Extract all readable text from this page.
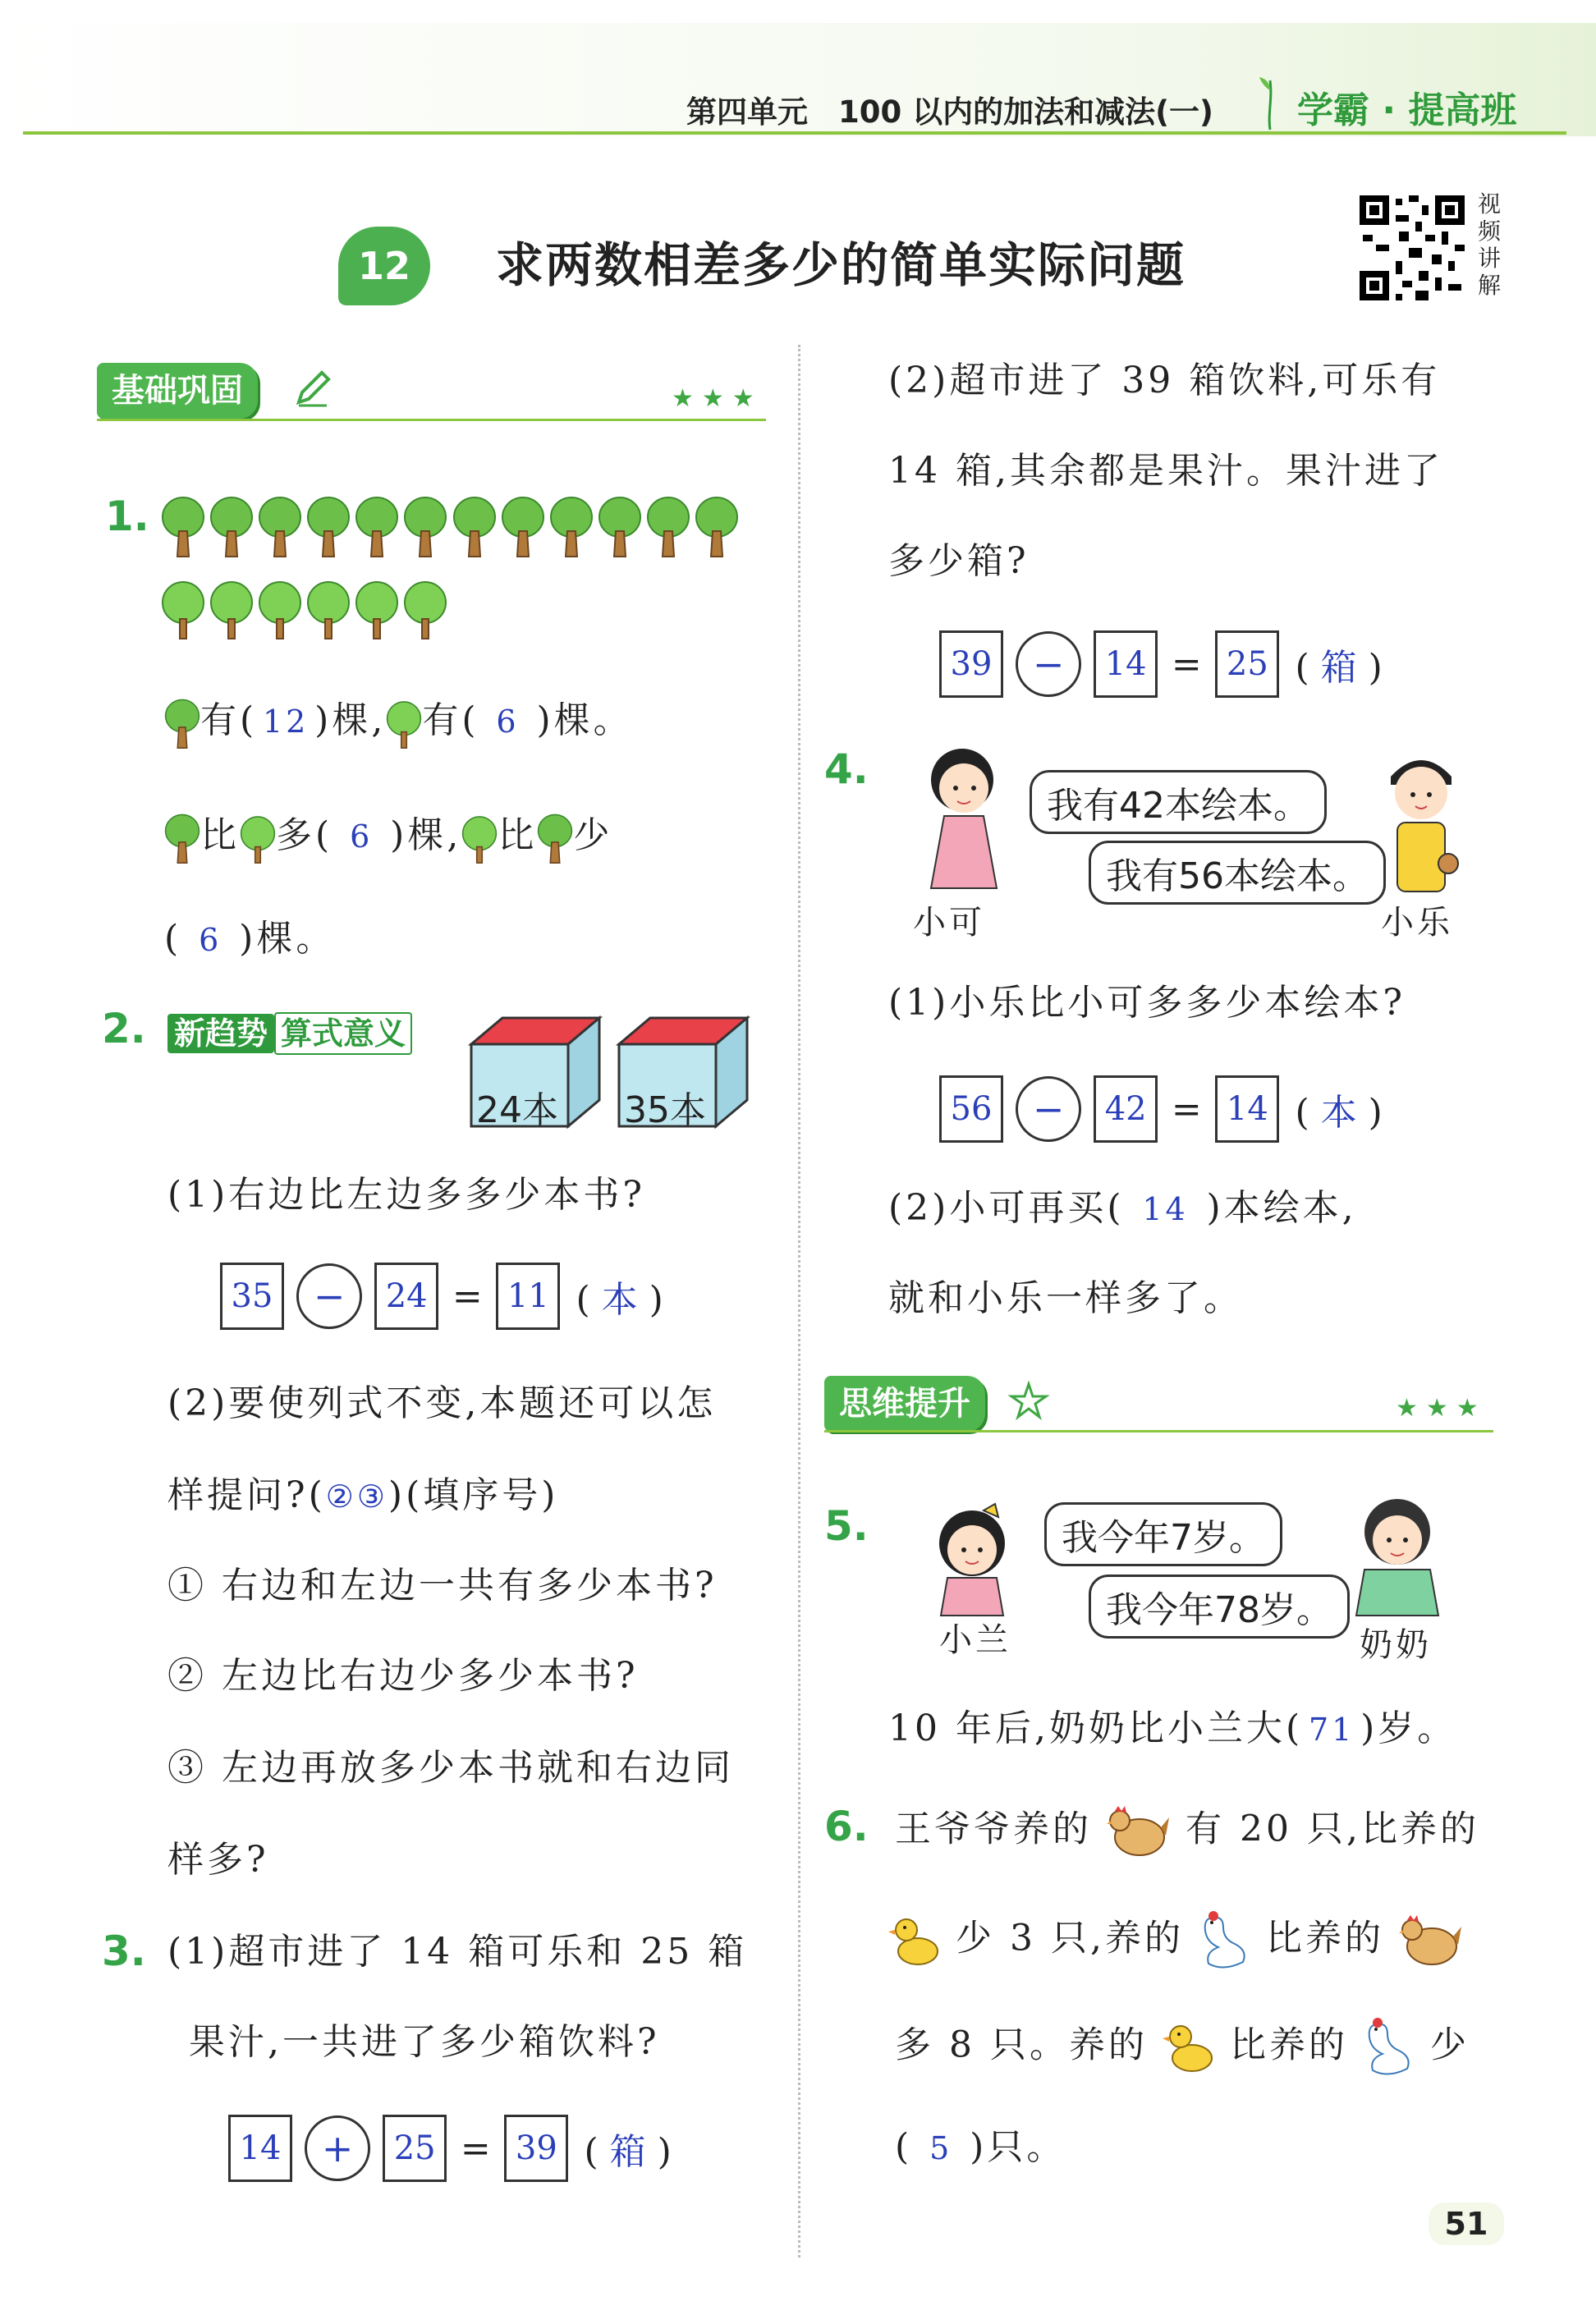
第四单元　100 以内的加法和减法(一) 学霸 · 提高班
12	求两数相差多少的简单实际问题
视频讲解
基础巩固	★★★
1.

有( 12 )棵, 有( 6 )棵。
比 多( 6 )棵, 比 少
( 6 )棵。
2. 新趋势 算式意义
24本 35本
(1)右边比左边多多少本书?
35 − 24 = 11  ( 本 )
(2)要使列式不变,本题还可以怎
样提问?(②③)(填序号)
① 右边和左边一共有多少本书?
② 左边比右边少多少本书?
③ 左边再放多少本书就和右边同
样多?
3. (1)超市进了 14 箱可乐和 25 箱
果汁,一共进了多少箱饮料?
14 + 25 = 39  ( 箱 )
(2)超市进了 39 箱饮料,可乐有
14 箱,其余都是果汁。果汁进了
多少箱?
39 − 14 = 25  ( 箱 )
4.
我有42本绘本。
我有56本绘本。
小可	小乐
(1)小乐比小可多多少本绘本?
56 − 42 = 14  ( 本 )
(2)小可再买( 14 )本绘本,
就和小乐一样多了。
思维提升	★★★
5.	我今年7岁。
我今年78岁。
小兰	奶奶
10 年后,奶奶比小兰大( 71 )岁。
6. 王爷爷养的	有 20 只,比养的
少 3 只,养的 比养的
多 8 只。养的 比养的 少
( 5 )只。
51
